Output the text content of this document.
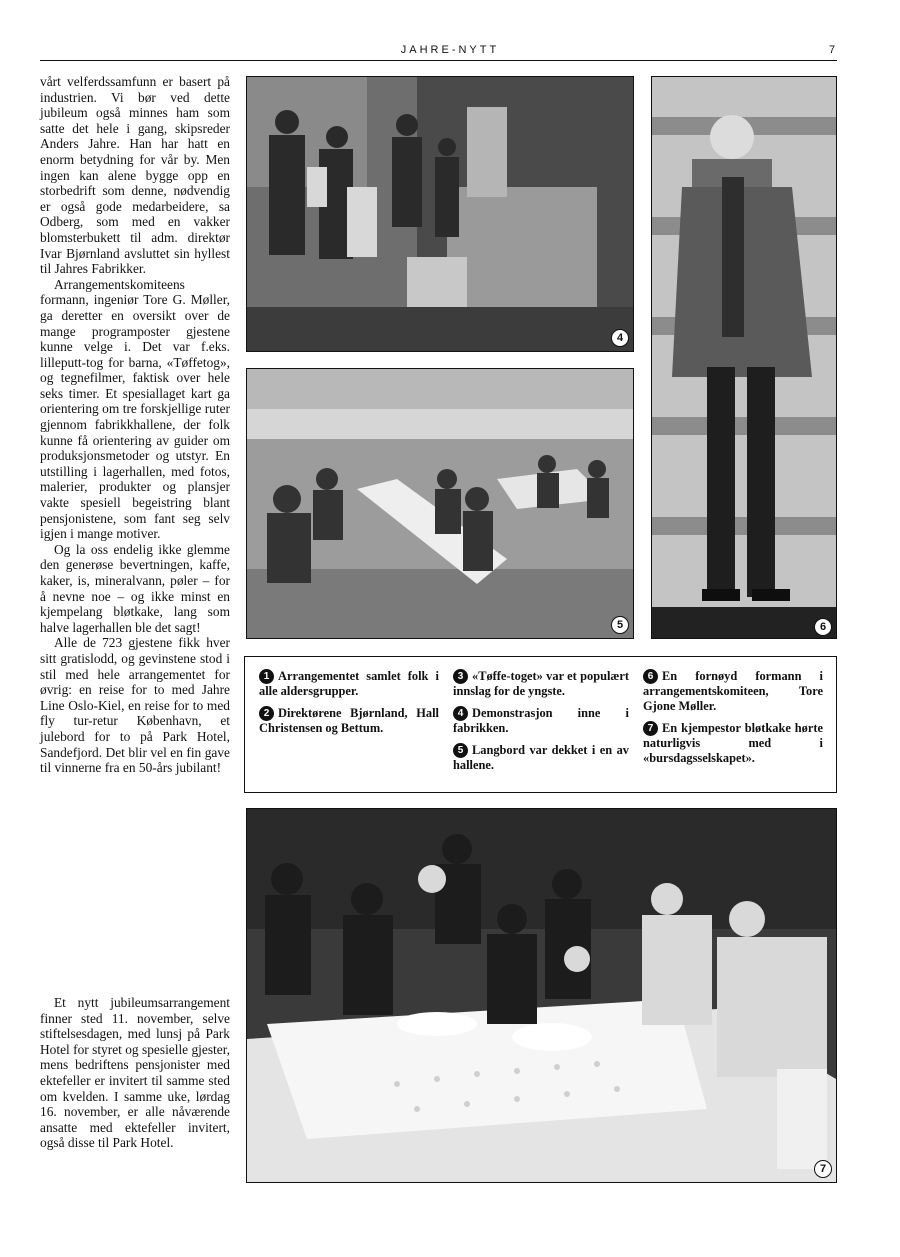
JAHRE-NYTT	7

vårt velferdssamfunn er basert på industrien. Vi bør ved dette jubileum også minnes ham som satte det hele i gang, skipsreder Anders Jahre. Han har hatt en enorm betydning for vår by. Men ingen kan alene bygge opp en storbedrift som denne, nødvendig er også gode medarbeidere, sa Odberg, som med en vakker blomsterbukett til adm. direktør Ivar Bjørnland avsluttet sin hyllest til Jahres Fabrikker.

Arrangementskomiteens formann, ingeniør Tore G. Møller, ga deretter en oversikt over de mange programposter gjestene kunne velge i. Det var f.eks. lilleputt-tog for barna, «Tøffetog», og tegnefilmer, faktisk over hele seks timer. Et spesiallaget kart ga orientering om tre forskjellige ruter gjennom fabrikkhallene, der folk kunne få orientering av guider om produksjonsmetoder og utstyr. En utstilling i lagerhallen, med fotos, malerier, produkter og plansjer vakte spesiell begeistring blant pensjonistene, som fant seg selv igjen i mange motiver.

Og la oss endelig ikke glemme den generøse bevertningen, kaffe, kaker, is, mineralvann, pøler – for å nevne noe – og ikke minst en kjempelang bløtkake, lang som halve lagerhallen ble det sagt!

Alle de 723 gjestene fikk hver sitt gratislodd, og gevinstene stod i stil med hele arrangementet for øvrig: en reise for to med Jahre Line Oslo-Kiel, en reise for to med fly tur-retur København, et julebord for to på Park Hotel, Sandefjord. Det blir vel en fin gave til vinnerne fra en 50-års jubilant!

Et nytt jubileumsarrangement finner sted 11. november, selve stiftelsesdagen, med lunsj på Park Hotel for styret og spesielle gjester, mens bedriftens pensjonister med ektefeller er invitert til samme sted om kvelden. I samme uke, lørdag 16. november, er alle nåværende ansatte med ektefeller invitert, også disse til Park Hotel.

4
5	6
1 Arrangementet samlet folk i alle aldersgrupper.
2 Direktørene Bjørnland, Hall Christensen og Bettum.
3 «Tøffe-toget» var et populært innslag for de yngste.
4 Demonstrasjon inne i fabrikken.
5 Langbord var dekket i en av hallene.
6 En fornøyd formann i arrangementskomiteen, Tore Gjone Møller.
7 En kjempestor bløtkake hørte naturligvis med i «bursdagsselskapet».
7
